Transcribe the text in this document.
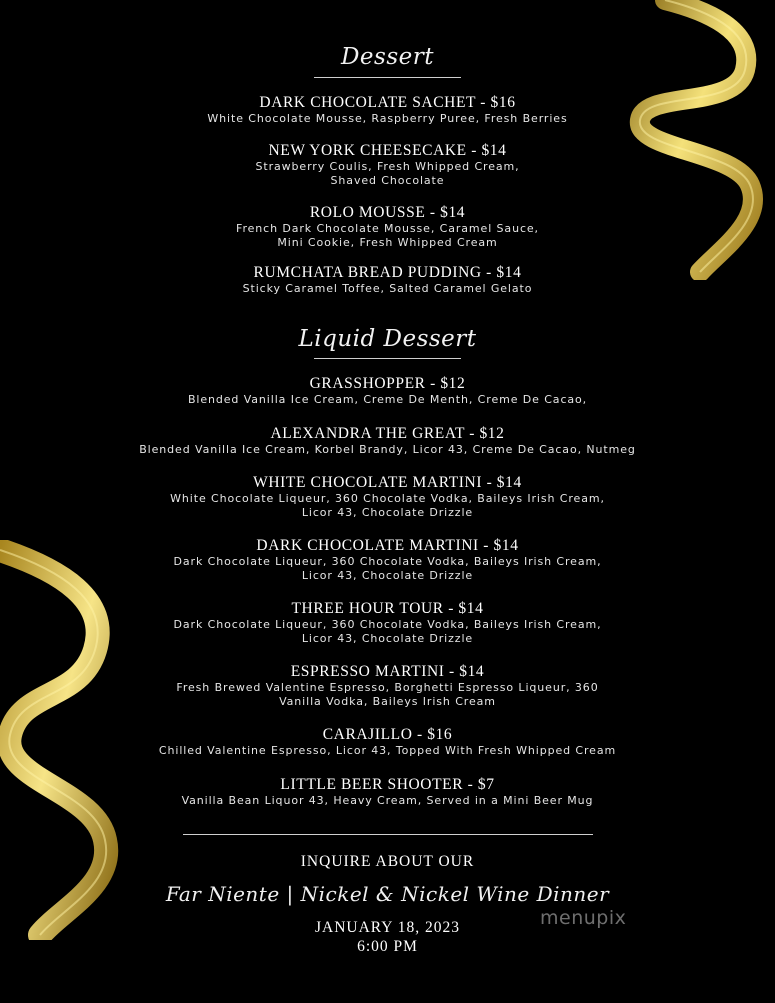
Dessert
DARK CHOCOLATE SACHET - $16
White Chocolate Mousse, Raspberry Puree, Fresh Berries
NEW YORK CHEESECAKE - $14
Strawberry Coulis, Fresh Whipped Cream,
Shaved Chocolate
ROLO MOUSSE - $14
French Dark Chocolate Mousse, Caramel Sauce,
Mini Cookie, Fresh Whipped Cream
RUMCHATA BREAD PUDDING - $14
Sticky Caramel Toffee, Salted Caramel Gelato
Liquid Dessert
GRASSHOPPER - $12
Blended Vanilla Ice Cream, Creme De Menth, Creme De Cacao,
ALEXANDRA THE GREAT - $12
Blended Vanilla Ice Cream, Korbel Brandy, Licor 43, Creme De Cacao, Nutmeg
WHITE CHOCOLATE MARTINI - $14
White Chocolate Liqueur, 360 Chocolate Vodka, Baileys Irish Cream,
Licor 43, Chocolate Drizzle
DARK CHOCOLATE MARTINI - $14
Dark Chocolate Liqueur, 360 Chocolate Vodka, Baileys Irish Cream,
Licor 43, Chocolate Drizzle
THREE HOUR TOUR - $14
Dark Chocolate Liqueur, 360 Chocolate Vodka, Baileys Irish Cream,
Licor 43, Chocolate Drizzle
ESPRESSO MARTINI - $14
Fresh Brewed Valentine Espresso, Borghetti Espresso Liqueur, 360
Vanilla Vodka, Baileys Irish Cream
CARAJILLO - $16
Chilled Valentine Espresso, Licor 43, Topped With Fresh Whipped Cream
LITTLE BEER SHOOTER - $7
Vanilla Bean Liquor 43, Heavy Cream, Served in a Mini Beer Mug
INQUIRE ABOUT OUR
Far Niente | Nickel & Nickel Wine Dinner
JANUARY 18, 2023
6:00 PM
menupix
